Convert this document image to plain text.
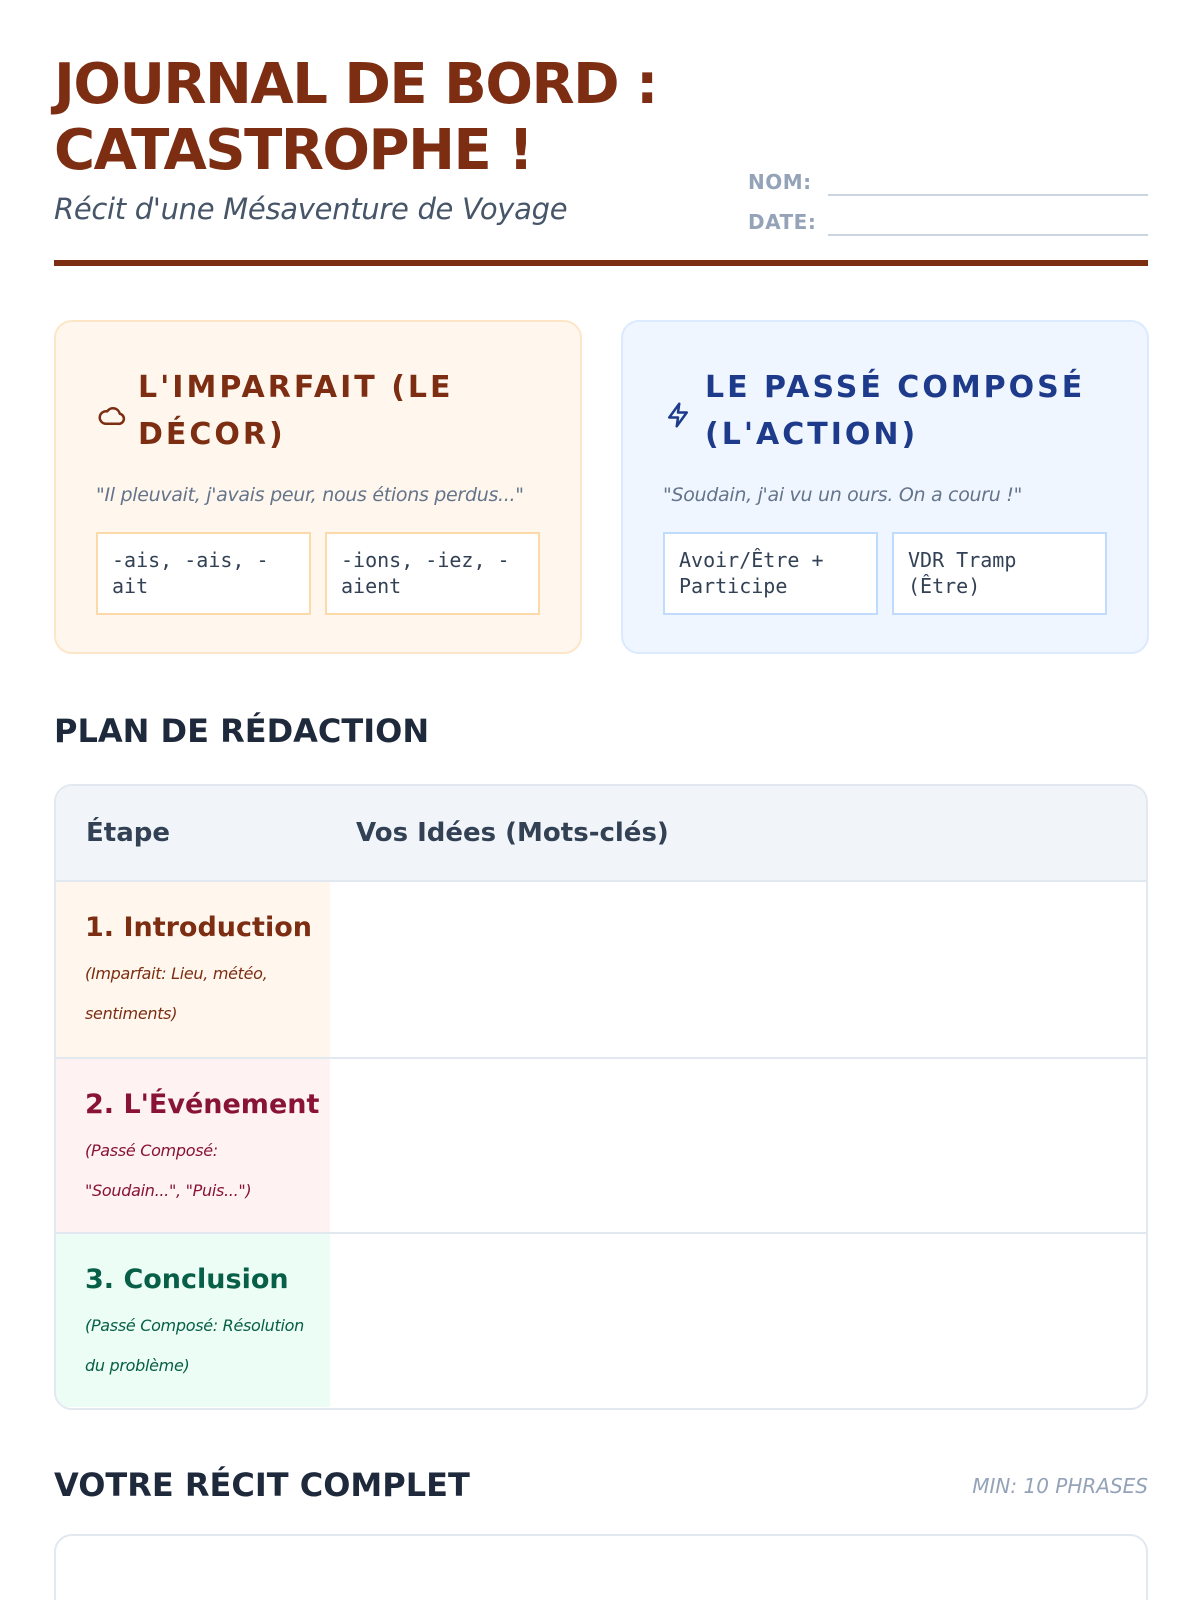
JOURNAL DE BORD : CATASTROPHE !
Récit d'une Mésaventure de Voyage
NOM:
DATE:
L'IMPARFAIT (LE DÉCOR)
"Il pleuvait, j'avais peur, nous étions perdus..."
-ais, -ais, -ait
-ions, -iez, -aient
LE PASSÉ COMPOSÉ (L'ACTION)
"Soudain, j'ai vu un ours. On a couru !"
Avoir/Être + Participe
VDR Tramp (Être)
PLAN DE RÉDACTION
Étape	Vos Idées (Mots-clés)
1. Introduction
(Imparfait: Lieu, météo, sentiments)
2. L'Événement
(Passé Composé: "Soudain...", "Puis...")
3. Conclusion
(Passé Composé: Résolution du problème)
VOTRE RÉCIT COMPLET	MIN: 10 PHRASES
